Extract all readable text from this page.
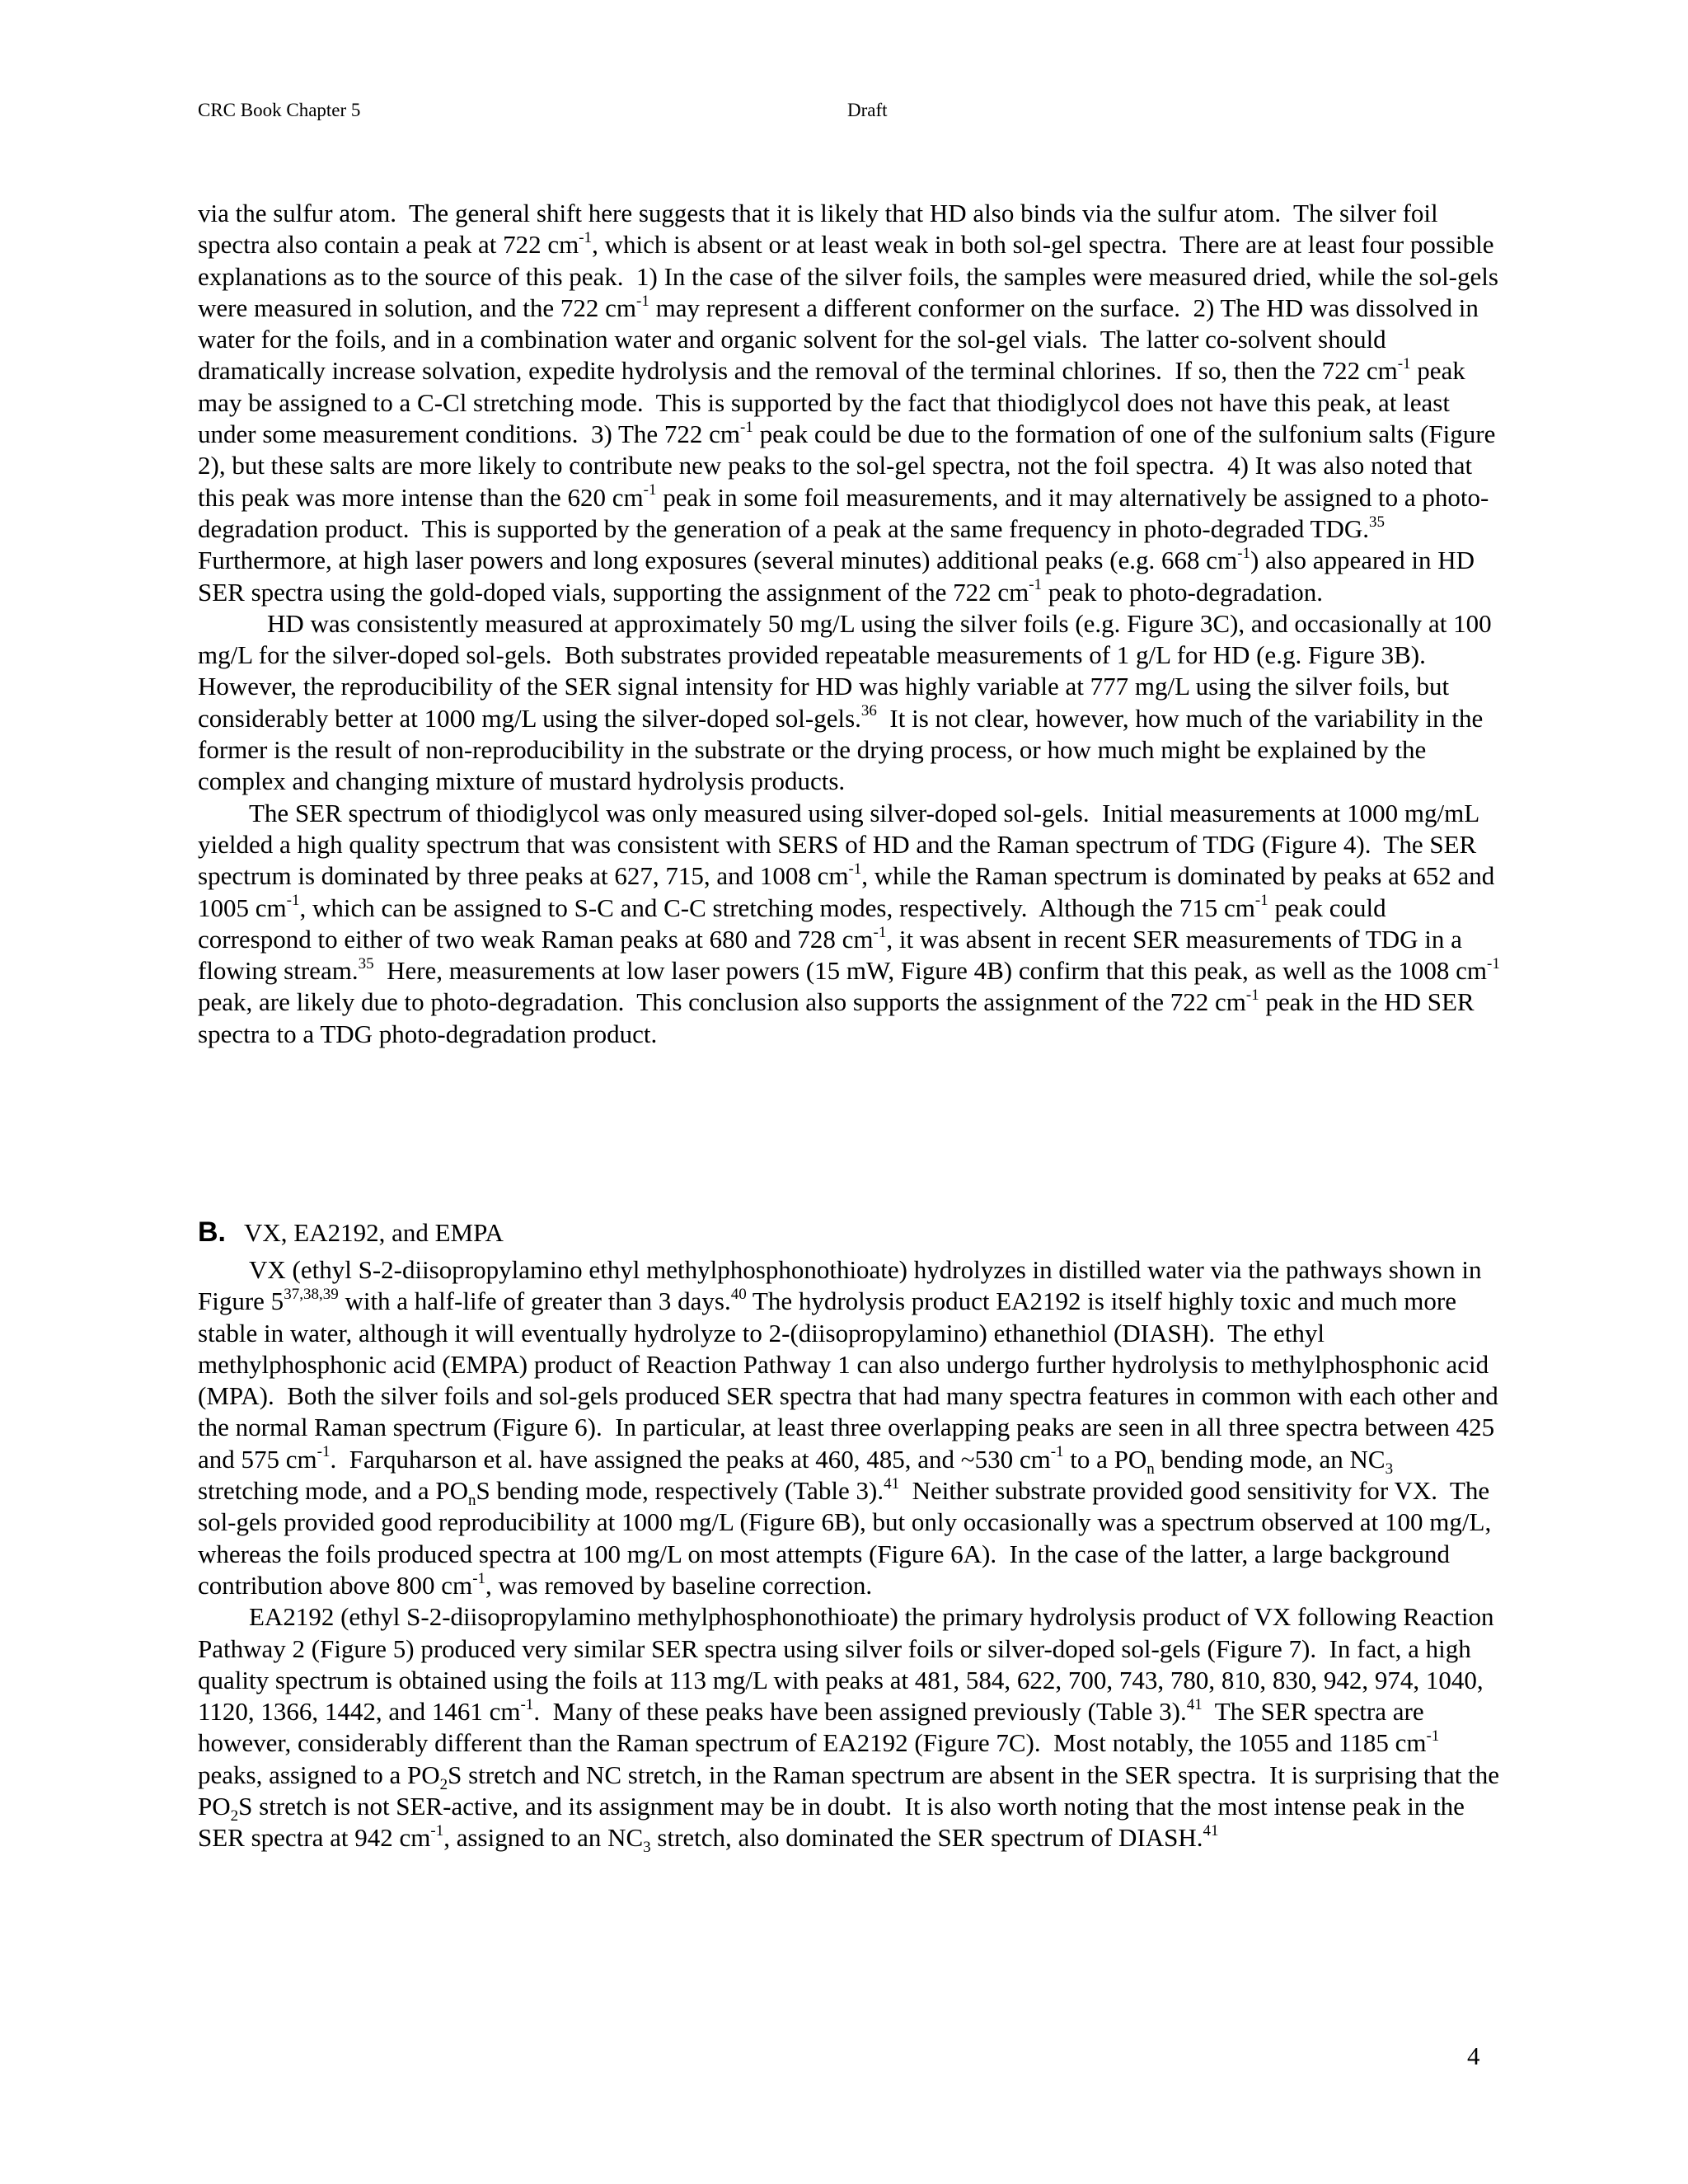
CRC Book Chapter 5	Draft

via the sulfur atom.  The general shift here suggests that it is likely that HD also binds via the sulfur atom.  The silver foil spectra also contain a peak at 722 $cm^{-1}$, which is absent or at least weak in both sol-gel spectra.  There are at least four possible explanations as to the source of this peak.  1) In the case of the silver foils, the samples were measured dried, while the sol-gels were measured in solution, and the 722 $cm^{-1}$ may represent a different conformer on the surface.  2) The HD was dissolved in water for the foils, and in a combination water and organic solvent for the sol-gel vials.  The latter co-solvent should dramatically increase solvation, expedite hydrolysis and the removal of the terminal chlorines.  If so, then the 722 $cm^{-1}$ peak may be assigned to a C-Cl stretching mode.  This is supported by the fact that thiodiglycol does not have this peak, at least under some measurement conditions.  3) The 722 $cm^{-1}$ peak could be due to the formation of one of the sulfonium salts (Figure 2), but these salts are more likely to contribute new peaks to the sol-gel spectra, not the foil spectra.  4) It was also noted that this peak was more intense than the 620 $cm^{-1}$ peak in some foil measurements, and it may alternatively be assigned to a photo-degradation product.  This is supported by the generation of a peak at the same frequency in photo-degraded TDG.$^{35}$ Furthermore, at high laser powers and long exposures (several minutes) additional peaks (e.g. 668 $cm^{-1}$) also appeared in HD SER spectra using the gold-doped vials, supporting the assignment of the 722 $cm^{-1}$ peak to photo-degradation.

HD was consistently measured at approximately 50 mg/L using the silver foils (e.g. Figure 3C), and occasionally at 100 mg/L for the silver-doped sol-gels.  Both substrates provided repeatable measurements of 1 g/L for HD (e.g. Figure 3B).  However, the reproducibility of the SER signal intensity for HD was highly variable at 777 mg/L using the silver foils, but considerably better at 1000 mg/L using the silver-doped sol-gels.$^{36}$  It is not clear, however, how much of the variability in the former is the result of non-reproducibility in the substrate or the drying process, or how much might be explained by the complex and changing mixture of mustard hydrolysis products.

The SER spectrum of thiodiglycol was only measured using silver-doped sol-gels.  Initial measurements at 1000 mg/mL yielded a high quality spectrum that was consistent with SERS of HD and the Raman spectrum of TDG (Figure 4).  The SER spectrum is dominated by three peaks at 627, 715, and 1008 $cm^{-1}$, while the Raman spectrum is dominated by peaks at 652 and 1005 $cm^{-1}$, which can be assigned to S-C and C-C stretching modes, respectively.  Although the 715 $cm^{-1}$ peak could correspond to either of two weak Raman peaks at 680 and 728 $cm^{-1}$, it was absent in recent SER measurements of TDG in a flowing stream.$^{35}$  Here, measurements at low laser powers (15 mW, Figure 4B) confirm that this peak, as well as the 1008 $cm^{-1}$ peak, are likely due to photo-degradation.  This conclusion also supports the assignment of the 722 $cm^{-1}$ peak in the HD SER spectra to a TDG photo-degradation product.

B. VX, EA2192, and EMPA

VX (ethyl S-2-diisopropylamino ethyl methylphosphonothioate) hydrolyzes in distilled water via the pathways shown in Figure 5$^{37,38,39}$ with a half-life of greater than 3 days.$^{40}$ The hydrolysis product EA2192 is itself highly toxic and much more stable in water, although it will eventually hydrolyze to 2-(diisopropylamino) ethanethiol (DIASH).  The ethyl methylphosphonic acid (EMPA) product of Reaction Pathway 1 can also undergo further hydrolysis to methylphosphonic acid (MPA).  Both the silver foils and sol-gels produced SER spectra that had many spectra features in common with each other and the normal Raman spectrum (Figure 6).  In particular, at least three overlapping peaks are seen in all three spectra between 425 and 575 $cm^{-1}$.  Farquharson et al. have assigned the peaks at 460, 485, and ~530 $cm^{-1}$ to a $PO_n$ bending mode, an $NC_3$ stretching mode, and a $PO_nS$ bending mode, respectively (Table 3).$^{41}$  Neither substrate provided good sensitivity for VX.  The sol-gels provided good reproducibility at 1000 mg/L (Figure 6B), but only occasionally was a spectrum observed at 100 mg/L, whereas the foils produced spectra at 100 mg/L on most attempts (Figure 6A).  In the case of the latter, a large background contribution above 800 $cm^{-1}$, was removed by baseline correction.

EA2192 (ethyl S-2-diisopropylamino methylphosphonothioate) the primary hydrolysis product of VX following Reaction Pathway 2 (Figure 5) produced very similar SER spectra using silver foils or silver-doped sol-gels (Figure 7).  In fact, a high quality spectrum is obtained using the foils at 113 mg/L with peaks at 481, 584, 622, 700, 743, 780, 810, 830, 942, 974, 1040, 1120, 1366, 1442, and 1461 $cm^{-1}$.  Many of these peaks have been assigned previously (Table 3).$^{41}$  The SER spectra are however, considerably different than the Raman spectrum of EA2192 (Figure 7C).  Most notably, the 1055 and 1185 $cm^{-1}$ peaks, assigned to a $PO_2S$ stretch and NC stretch, in the Raman spectrum are absent in the SER spectra.  It is surprising that the $PO_2S$ stretch is not SER-active, and its assignment may be in doubt.  It is also worth noting that the most intense peak in the SER spectra at 942 $cm^{-1}$, assigned to an $NC_3$ stretch, also dominated the SER spectrum of DIASH.$^{41}$

4
